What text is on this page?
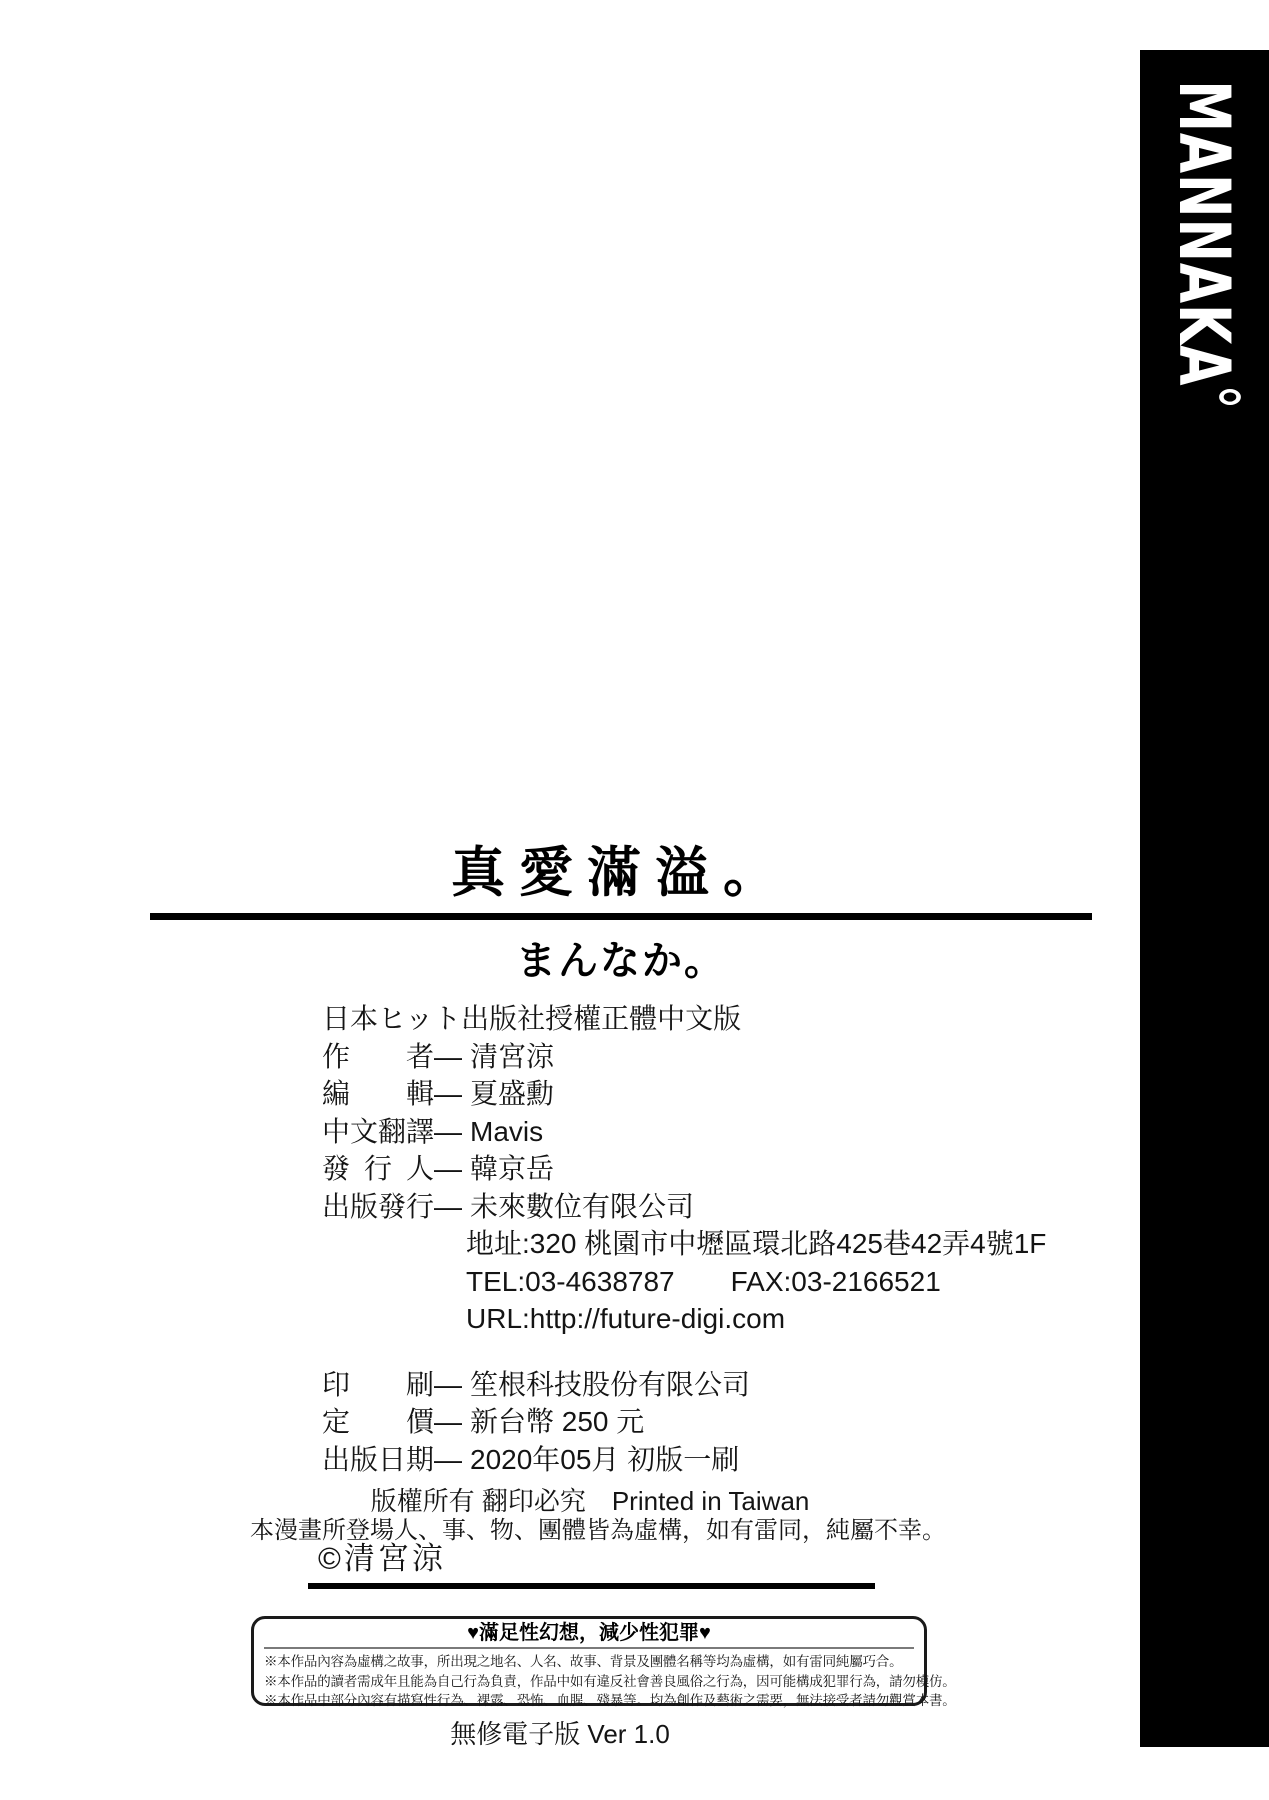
MANNAKA。
真愛滿溢。
まんなか。
日本ヒット出版社授權正體中文版
作者 — 清宮涼
編輯 — 夏盛勳
中文翻譯 — Mavis
發行人 — 韓京岳
出版發行 — 未來數位有限公司
地址:320 桃園市中壢區環北路425巷42弄4號1F
TEL:03-4638787　　FAX:03-2166521
URL:http://future-digi.com
印刷 — 笙根科技股份有限公司
定價 — 新台幣 250 元
出版日期 — 2020年05月 初版一刷
版權所有 翻印必究　Printed in Taiwan
本漫畫所登場人、事、物、團體皆為虛構，如有雷同，純屬不幸。
©清宮涼
♥滿足性幻想，減少性犯罪♥
※本作品內容為虛構之故事，所出現之地名、人名、故事、背景及團體名稱等均為虛構，如有雷同純屬巧合。
※本作品的讀者需成年且能為自己行為負責，作品中如有違反社會善良風俗之行為，因可能構成犯罪行為，請勿模仿。
※本作品中部分內容有描寫性行為、裸露、恐怖、血腥、殘暴等。均為創作及藝術之需要，無法接受者請勿觀賞本書。
無修電子版 Ver 1.0
